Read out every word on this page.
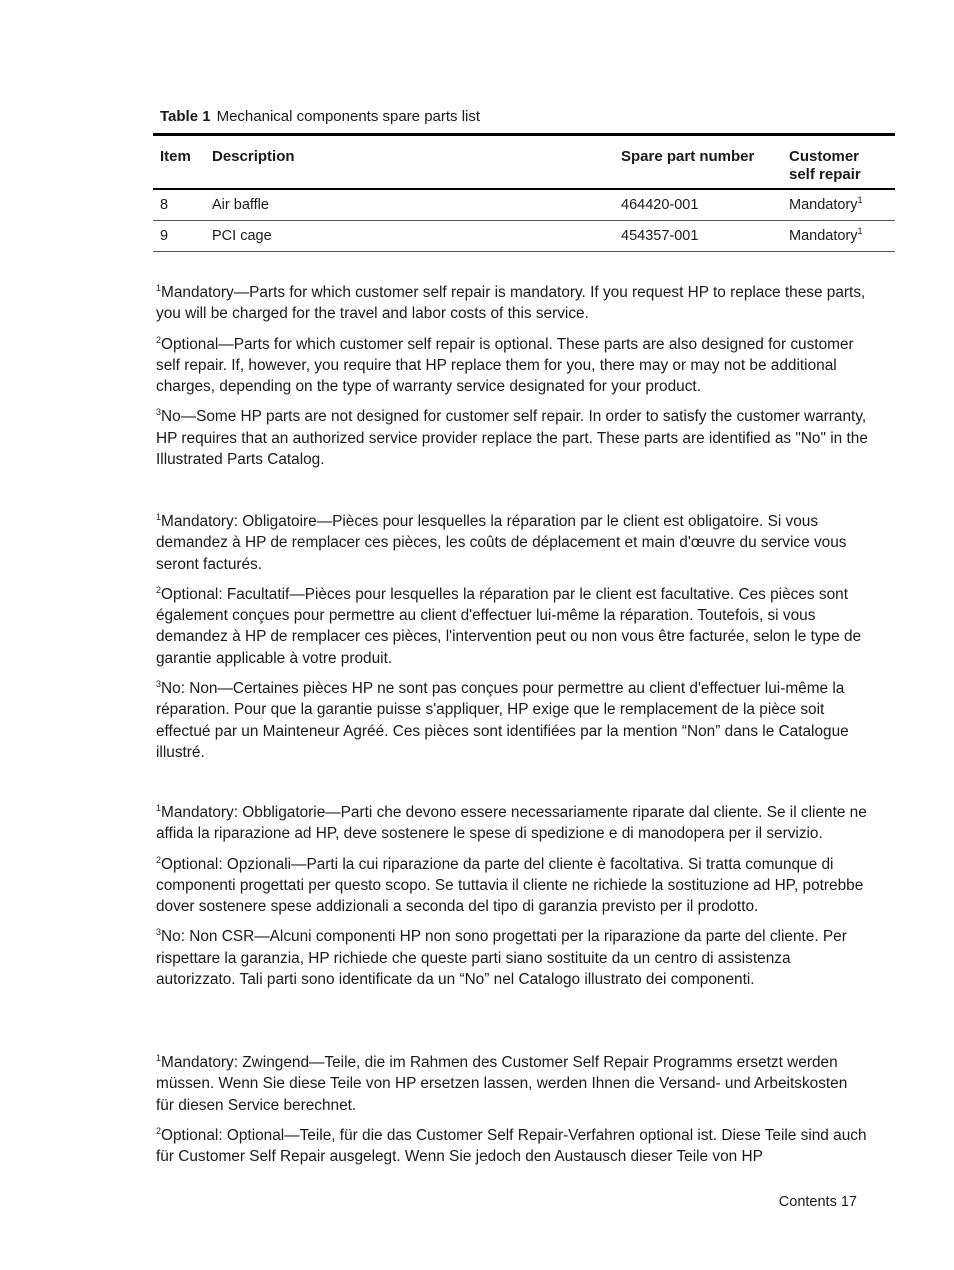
Table 1 Mechanical components spare parts list
Item	Description	Spare part number	Customer self repair
8	Air baffle	464420-001	Mandatory$^1$
9	PCI cage	454357-001	Mandatory$^1$

$^1$Mandatory—Parts for which customer self repair is mandatory. If you request HP to replace these parts, you will be charged for the travel and labor costs of this service.

$^2$Optional—Parts for which customer self repair is optional. These parts are also designed for customer self repair. If, however, you require that HP replace them for you, there may or may not be additional charges, depending on the type of warranty service designated for your product.

$^3$No—Some HP parts are not designed for customer self repair. In order to satisfy the customer warranty, HP requires that an authorized service provider replace the part. These parts are identified as "No" in the Illustrated Parts Catalog.

$^1$Mandatory: Obligatoire—Pièces pour lesquelles la réparation par le client est obligatoire. Si vous demandez à HP de remplacer ces pièces, les coûts de déplacement et main d'œuvre du service vous seront facturés.

$^2$Optional: Facultatif—Pièces pour lesquelles la réparation par le client est facultative. Ces pièces sont également conçues pour permettre au client d'effectuer lui-même la réparation. Toutefois, si vous demandez à HP de remplacer ces pièces, l'intervention peut ou non vous être facturée, selon le type de garantie applicable à votre produit.

$^3$No: Non—Certaines pièces HP ne sont pas conçues pour permettre au client d'effectuer lui-même la réparation. Pour que la garantie puisse s'appliquer, HP exige que le remplacement de la pièce soit effectué par un Mainteneur Agréé. Ces pièces sont identifiées par la mention “Non” dans le Catalogue illustré.

$^1$Mandatory: Obbligatorie—Parti che devono essere necessariamente riparate dal cliente. Se il cliente ne affida la riparazione ad HP, deve sostenere le spese di spedizione e di manodopera per il servizio.

$^2$Optional: Opzionali—Parti la cui riparazione da parte del cliente è facoltativa. Si tratta comunque di componenti progettati per questo scopo. Se tuttavia il cliente ne richiede la sostituzione ad HP, potrebbe dover sostenere spese addizionali a seconda del tipo di garanzia previsto per il prodotto.

$^3$No: Non CSR—Alcuni componenti HP non sono progettati per la riparazione da parte del cliente. Per rispettare la garanzia, HP richiede che queste parti siano sostituite da un centro di assistenza autorizzato. Tali parti sono identificate da un “No” nel Catalogo illustrato dei componenti.

$^1$Mandatory: Zwingend—Teile, die im Rahmen des Customer Self Repair Programms ersetzt werden müssen. Wenn Sie diese Teile von HP ersetzen lassen, werden Ihnen die Versand- und Arbeitskosten für diesen Service berechnet.

$^2$Optional: Optional—Teile, für die das Customer Self Repair-Verfahren optional ist. Diese Teile sind auch für Customer Self Repair ausgelegt. Wenn Sie jedoch den Austausch dieser Teile von HP

Contents 17
